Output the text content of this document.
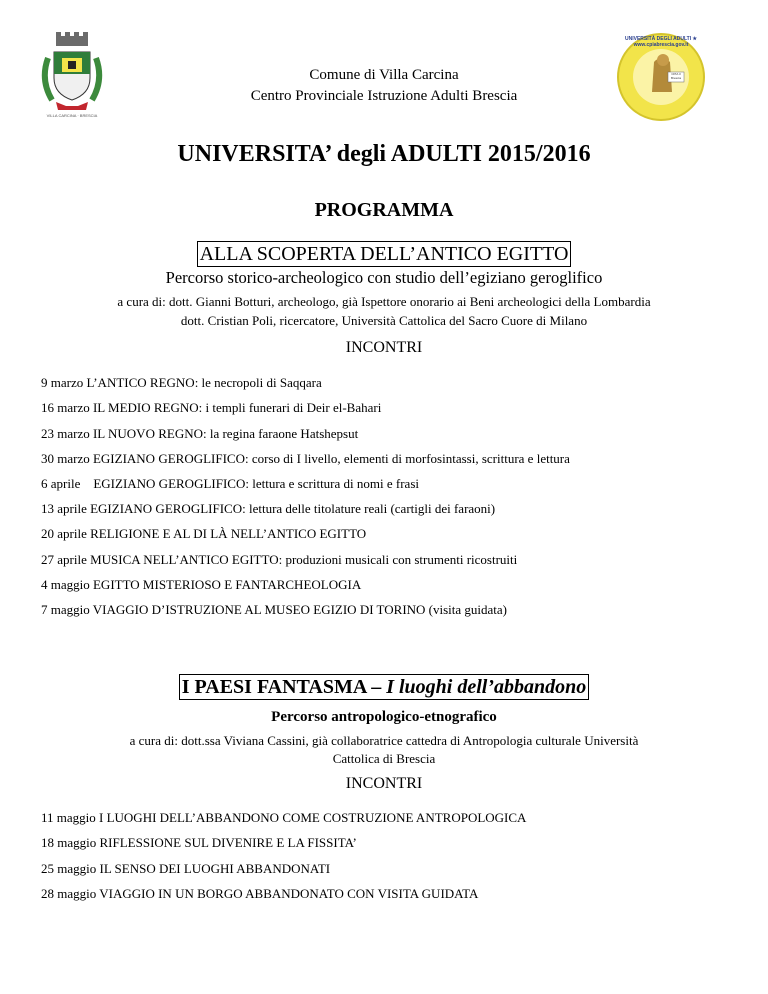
VILLA CARCINA · BRESCIA
UNIVERSITÀ DEGLI ADULTI ★ www.cpiabrescia.gov.it
CPIA 3 Brescia
Comune di Villa Carcina
Centro Provinciale Istruzione Adulti Brescia
UNIVERSITA’ degli ADULTI 2015/2016
PROGRAMMA
ALLA SCOPERTA DELL’ANTICO EGITTO
Percorso storico-archeologico con studio dell’egiziano geroglifico
a cura di: dott. Gianni Botturi, archeologo, già Ispettore onorario ai Beni archeologici della Lombardia
dott. Cristian Poli, ricercatore, Università Cattolica del Sacro Cuore di Milano
INCONTRI
9 marzo L’ANTICO REGNO: le necropoli di Saqqara
16 marzo IL MEDIO REGNO: i templi funerari di Deir el-Bahari
23 marzo IL NUOVO REGNO: la regina faraone Hatshepsut
30 marzo EGIZIANO GEROGLIFICO: corso di I livello, elementi di morfosintassi, scrittura e lettura
6 aprile    EGIZIANO GEROGLIFICO: lettura e scrittura di nomi e frasi
13 aprile EGIZIANO GEROGLIFICO: lettura delle titolature reali (cartigli dei faraoni)
20 aprile RELIGIONE E AL DI LÀ NELL’ANTICO EGITTO
27 aprile MUSICA NELL’ANTICO EGITTO: produzioni musicali con strumenti ricostruiti
4 maggio EGITTO MISTERIOSO E FANTARCHEOLOGIA
7 maggio VIAGGIO D’ISTRUZIONE AL MUSEO EGIZIO DI TORINO (visita guidata)
I PAESI FANTASMA – I luoghi dell’abbandono
Percorso antropologico-etnografico
a cura di: dott.ssa Viviana Cassini, già collaboratrice cattedra di Antropologia culturale Università
Cattolica di Brescia
INCONTRI
11 maggio I LUOGHI DELL’ABBANDONO COME COSTRUZIONE ANTROPOLOGICA
18 maggio RIFLESSIONE SUL DIVENIRE E LA FISSITA’
25 maggio IL SENSO DEI LUOGHI ABBANDONATI
28 maggio VIAGGIO IN UN BORGO ABBANDONATO CON VISITA GUIDATA
